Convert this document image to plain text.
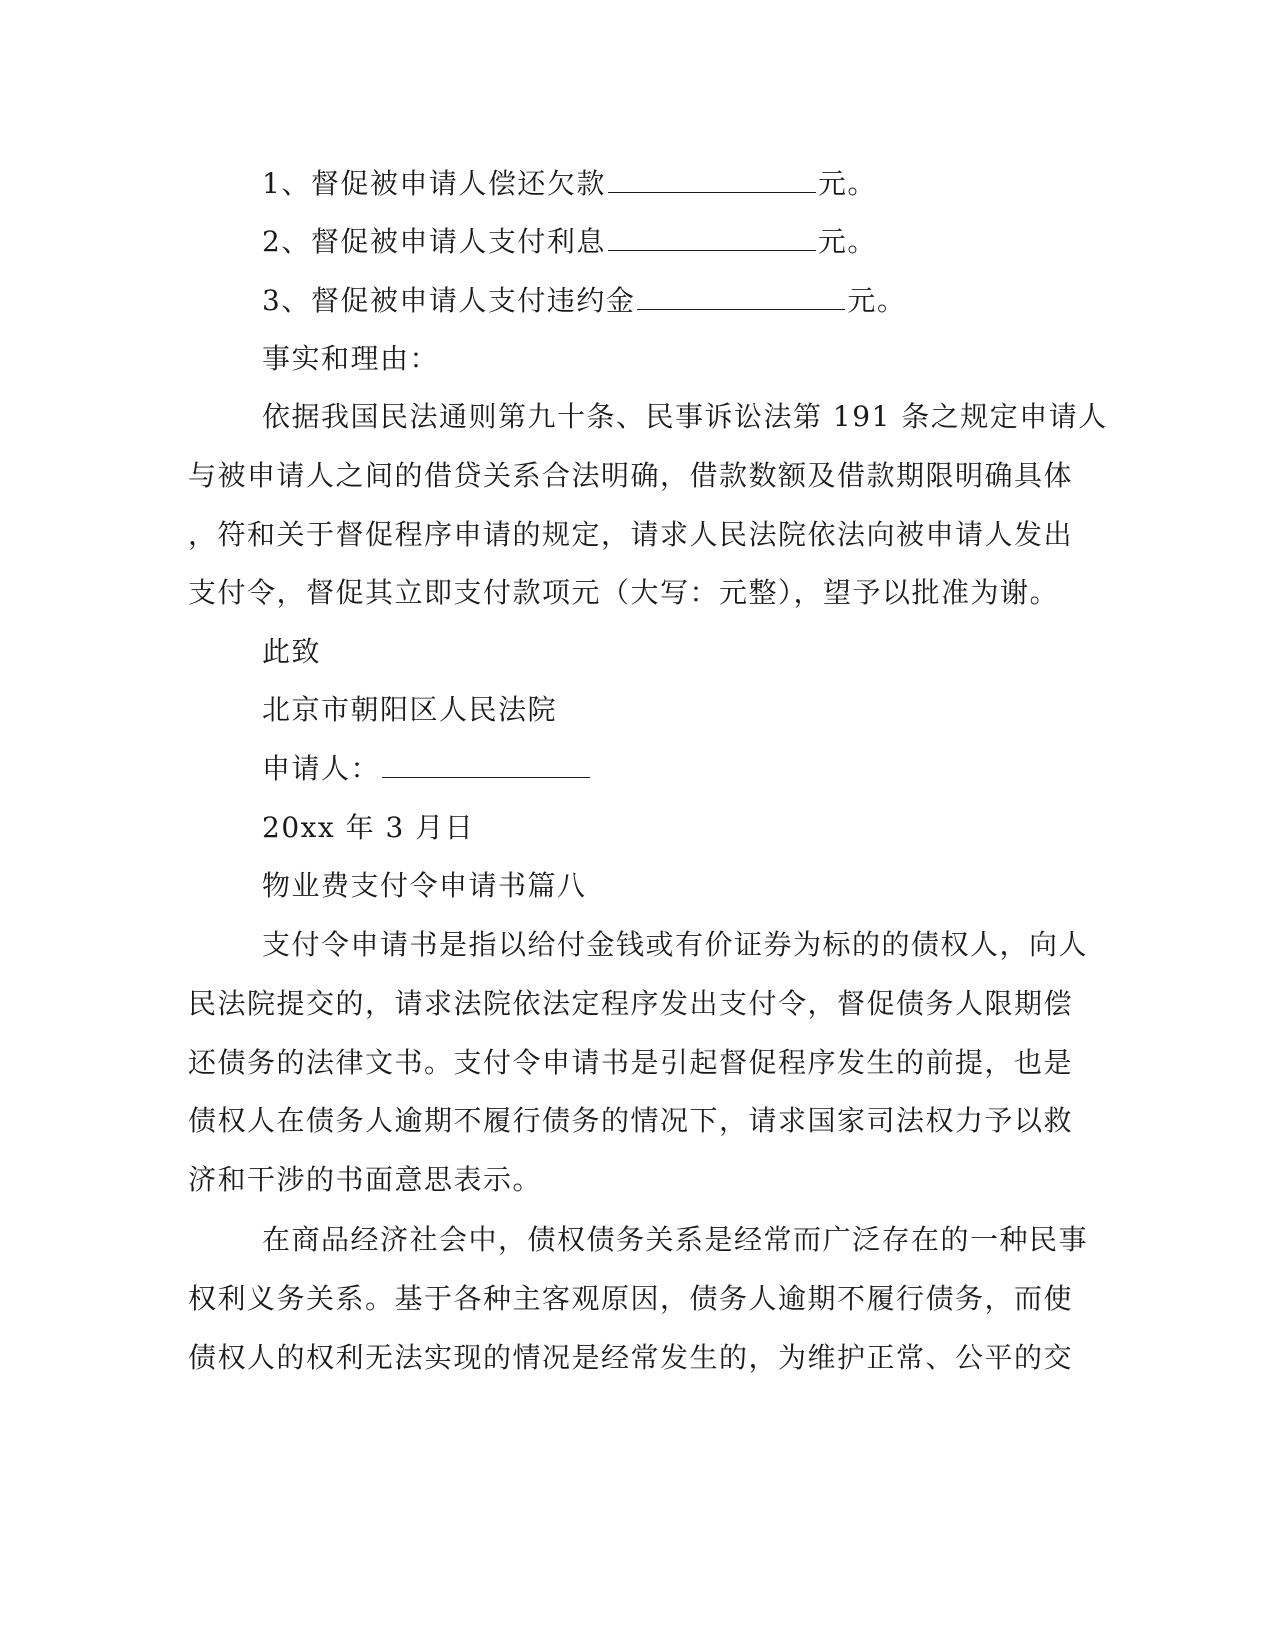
1、督促被申请人偿还欠款	元。
2、督促被申请人支付利息	元。
3、督促被申请人支付违约金	元。
事实和理由：
依据我国民法通则第九十条、民事诉讼法第 191 条之规定申请人
与被申请人之间的借贷关系合法明确，借款数额及借款期限明确具体
，符和关于督促程序申请的规定，请求人民法院依法向被申请人发出
支付令，督促其立即支付款项元（大写：元整），望予以批准为谢。
此致
北京市朝阳区人民法院
申请人：
20xx 年 3 月日
物业费支付令申请书篇八
支付令申请书是指以给付金钱或有价证券为标的的债权人，向人
民法院提交的，请求法院依法定程序发出支付令，督促债务人限期偿
还债务的法律文书。支付令申请书是引起督促程序发生的前提，也是
债权人在债务人逾期不履行债务的情况下，请求国家司法权力予以救
济和干涉的书面意思表示。
在商品经济社会中，债权债务关系是经常而广泛存在的一种民事
权利义务关系。基于各种主客观原因，债务人逾期不履行债务，而使
债权人的权利无法实现的情况是经常发生的，为维护正常、公平的交
